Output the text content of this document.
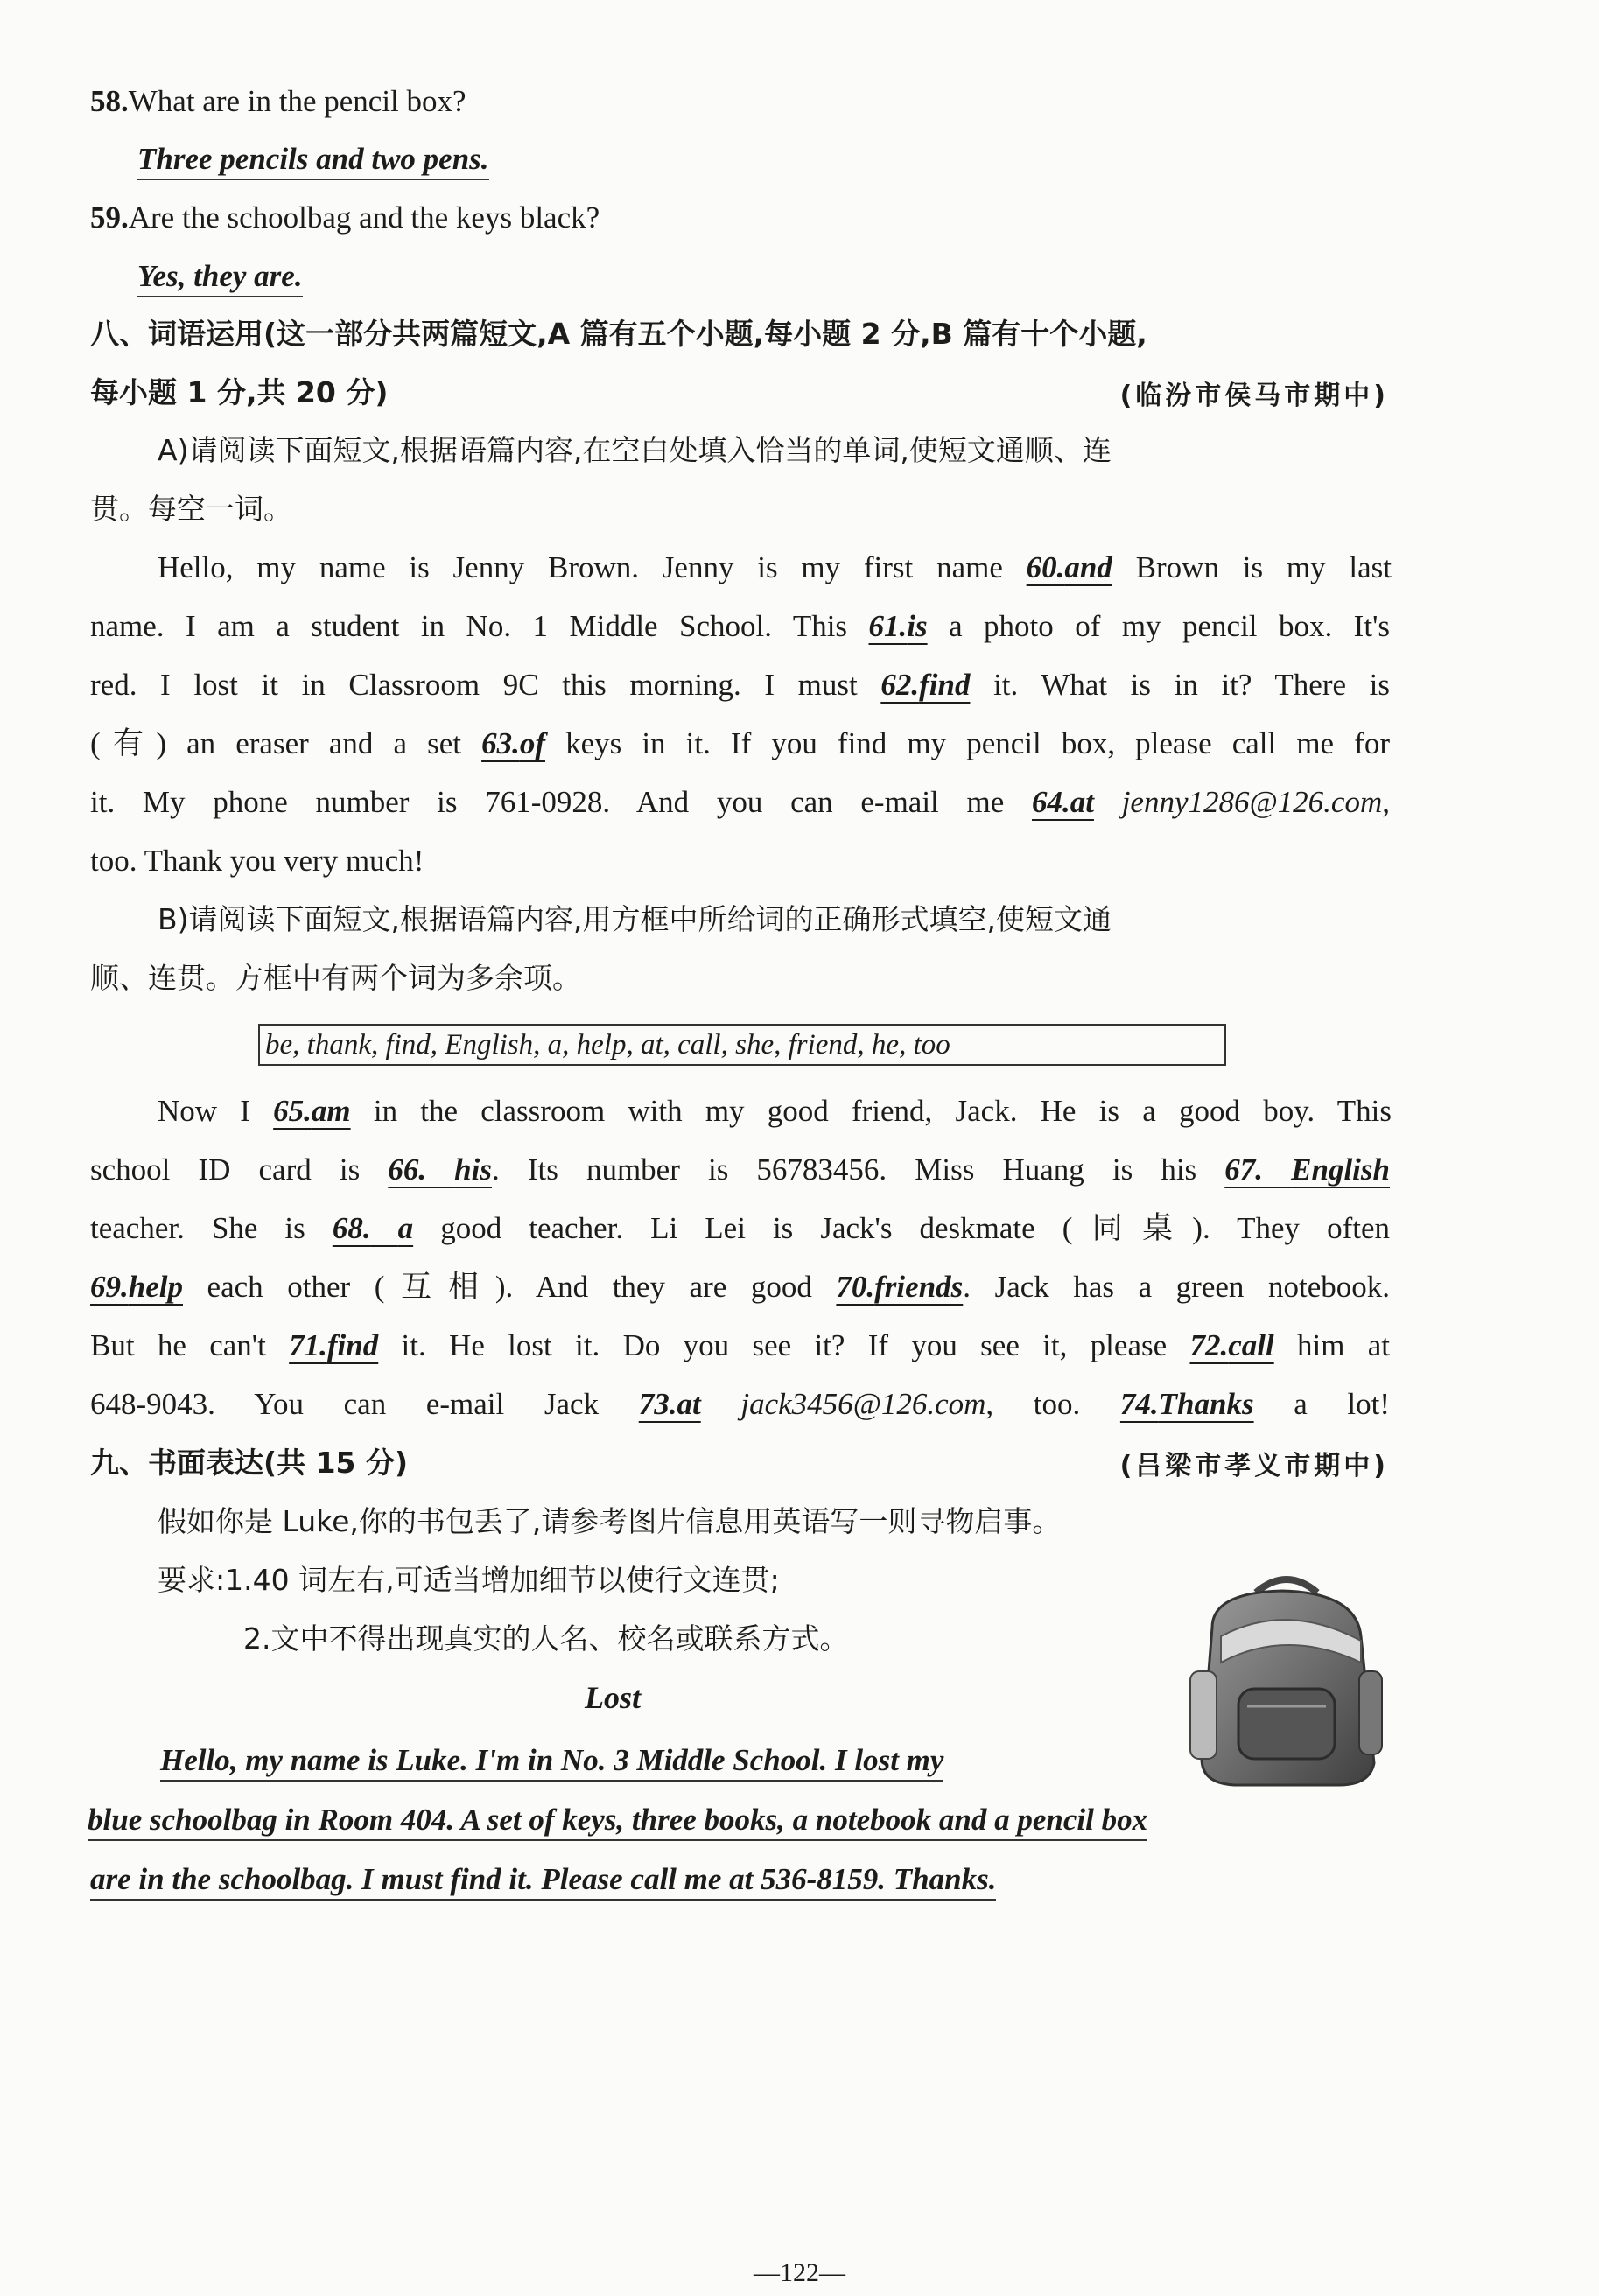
58.What are in the pencil box?
Three pencils and two pens.
59.Are the schoolbag and the keys black?
Yes, they are.
八、词语运用(这一部分共两篇短文,A 篇有五个小题,每小题 2 分,B 篇有十个小题,
每小题 1 分,共 20 分)	(临汾市侯马市期中)
A)请阅读下面短文,根据语篇内容,在空白处填入恰当的单词,使短文通顺、连
贯。每空一词。
Hello, my name is Jenny Brown. Jenny is my first name 60.and Brown is my last
name. I am a student in No. 1 Middle School. This 61.is a photo of my pencil box. It's
red. I lost it in Classroom 9C this morning. I must 62.find it. What is in it? There is
(有) an eraser and a set 63.of keys in it. If you find my pencil box, please call me for
it. My phone number is 761-0928. And you can e-mail me 64.at jenny1286@126.com,
too. Thank you very much!
B)请阅读下面短文,根据语篇内容,用方框中所给词的正确形式填空,使短文通
顺、连贯。方框中有两个词为多余项。
be, thank, find, English, a, help, at, call, she, friend, he, too
Now I 65.am in the classroom with my good friend, Jack. He is a good boy. This
school ID card is 66. his. Its number is 56783456. Miss Huang is his 67. English
teacher. She is 68. a good teacher. Li Lei is Jack's deskmate (同桌). They often
69.help each other (互相). And they are good 70.friends. Jack has a green notebook.
But he can't 71.find it. He lost it. Do you see it? If you see it, please 72.call him at
648-9043. You can e-mail Jack 73.at jack3456@126.com, too. 74.Thanks a lot!
九、书面表达(共 15 分)	(吕梁市孝义市期中)
假如你是 Luke,你的书包丢了,请参考图片信息用英语写一则寻物启事。
要求:1.40 词左右,可适当增加细节以使行文连贯;
2.文中不得出现真实的人名、校名或联系方式。
Lost
Hello, my name is Luke. I'm in No. 3 Middle School. I lost my
blue schoolbag in Room 404. A set of keys, three books, a notebook and a pencil box
are in the schoolbag. I must find it. Please call me at 536-8159. Thanks.
—122—
